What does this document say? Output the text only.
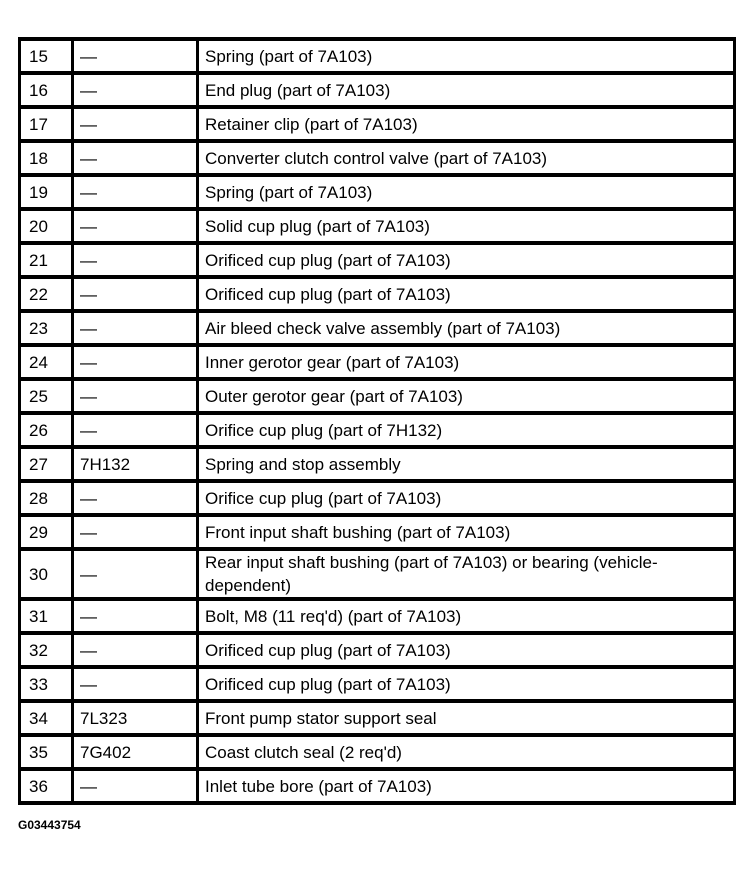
15	—	Spring (part of 7A103)
16	—	End plug (part of 7A103)
17	—	Retainer clip (part of 7A103)
18	—	Converter clutch control valve (part of 7A103)
19	—	Spring (part of 7A103)
20	—	Solid cup plug (part of 7A103)
21	—	Orificed cup plug (part of 7A103)
22	—	Orificed cup plug (part of 7A103)
23	—	Air bleed check valve assembly (part of 7A103)
24	—	Inner gerotor gear (part of 7A103)
25	—	Outer gerotor gear (part of 7A103)
26	—	Orifice cup plug (part of 7H132)
27	7H132	Spring and stop assembly
28	—	Orifice cup plug (part of 7A103)
29	—	Front input shaft bushing (part of 7A103)
30	—	Rear input shaft bushing (part of 7A103) or bearing (vehicle-dependent)
31	—	Bolt, M8 (11 req'd) (part of 7A103)
32	—	Orificed cup plug (part of 7A103)
33	—	Orificed cup plug (part of 7A103)
34	7L323	Front pump stator support seal
35	7G402	Coast clutch seal (2 req'd)
36	—	Inlet tube bore (part of 7A103)
G03443754
